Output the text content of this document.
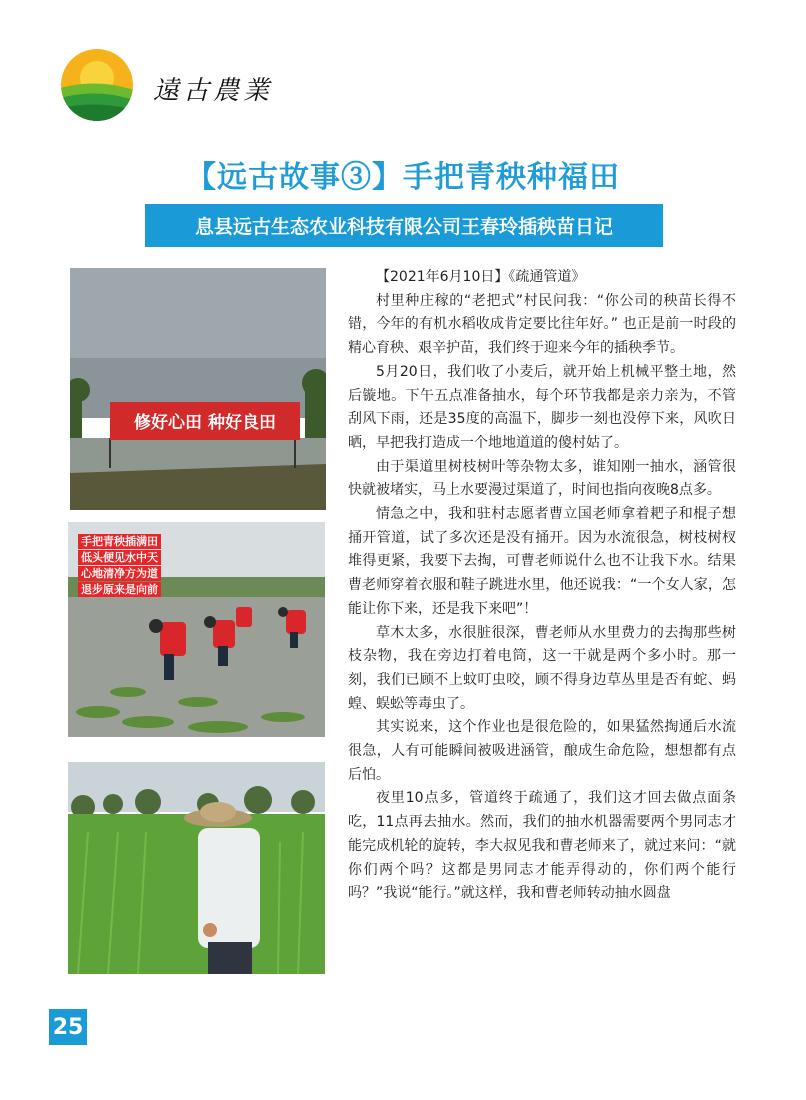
遠古農業
【远古故事③】手把青秧种福田
息县远古生态农业科技有限公司王春玲插秧苗日记
修好心田 种好良田
手把青秧插满田
低头便见水中天
心地清净方为道
退步原来是向前

【2021年6月10日】《疏通管道》

村里种庄稼的“老把式”村民问我：“你公司的秧苗长得不错，今年的有机水稻收成肯定要比往年好。” 也正是前一时段的精心育秧、艰辛护苗，我们终于迎来今年的插秧季节。

5月20日，我们收了小麦后，就开始上机械平整土地，然后镟地。下午五点准备抽水，每个环节我都是亲力亲为，不管刮风下雨，还是35度的高温下，脚步一刻也没停下来，风吹日晒，早把我打造成一个地地道道的傻村姑了。

由于渠道里树枝树叶等杂物太多，谁知刚一抽水，涵管很快就被堵实，马上水要漫过渠道了，时间也指向夜晚8点多。

情急之中，我和驻村志愿者曹立国老师拿着耙子和棍子想捅开管道，试了多次还是没有捅开。因为水流很急，树枝树杈堆得更紧，我要下去掏，可曹老师说什么也不让我下水。结果曹老师穿着衣服和鞋子跳进水里，他还说我：“一个女人家，怎能让你下来，还是我下来吧”！

草木太多，水很脏很深，曹老师从水里费力的去掏那些树枝杂物，我在旁边打着电筒，这一干就是两个多小时。那一刻，我们已顾不上蚊叮虫咬，顾不得身边草丛里是否有蛇、蚂蝗、蜈蚣等毒虫了。

其实说来，这个作业也是很危险的，如果猛然掏通后水流很急，人有可能瞬间被吸进涵管，酿成生命危险，想想都有点后怕。

夜里10点多，管道终于疏通了，我们这才回去做点面条吃，11点再去抽水。然而，我们的抽水机器需要两个男同志才能完成机轮的旋转，李大叔见我和曹老师来了，就过来问：“就你们两个吗？这都是男同志才能弄得动的，你们两个能行吗？”我说“能行。”就这样，我和曹老师转动抽水圆盘

25
